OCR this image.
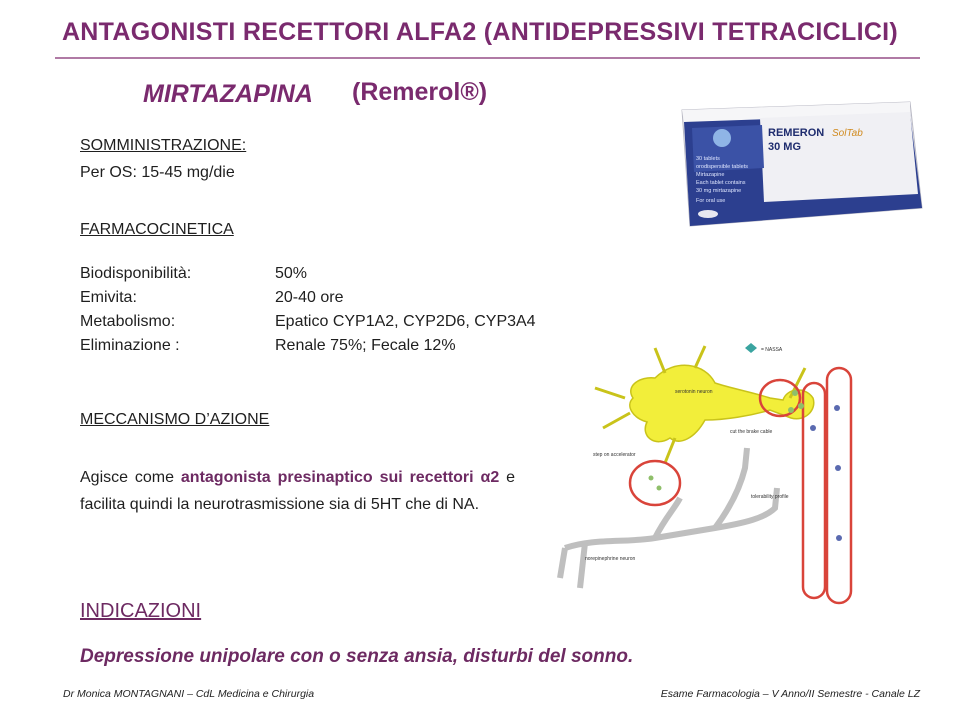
ANTAGONISTI RECETTORI ALFA2 (ANTIDEPRESSIVI TETRACICLICI)
MIRTAZAPINA (Remerol®)
REMERON SolTab
30 MG
30 tablets
orodispersible tablets
Mirtazapine
Each tablet contains
30 mg mirtazapine
For oral use
SOMMINISTRAZIONE:
Per OS: 15-45 mg/die
FARMACOCINETICA
Biodisponibilità:	50%
Emivita:	20-40 ore
Metabolismo:	Epatico CYP1A2, CYP2D6, CYP3A4
Eliminazione :	Renale 75%; Fecale 12%
MECCANISMO D’AZIONE
Agisce come antagonista presinaptico sui recettori α2 e facilita quindi la neurotrasmissione sia di 5HT che di NA.
serotonin neuron
norepinephrine neuron
= NASSA
step on accelerator
cut the brake cable
tolerability profile
INDICAZIONI
Depressione unipolare con o senza ansia, disturbi del sonno.
Dr Monica MONTAGNANI – CdL Medicina e Chirurgia	Esame Farmacologia – V Anno/II Semestre - Canale LZ
